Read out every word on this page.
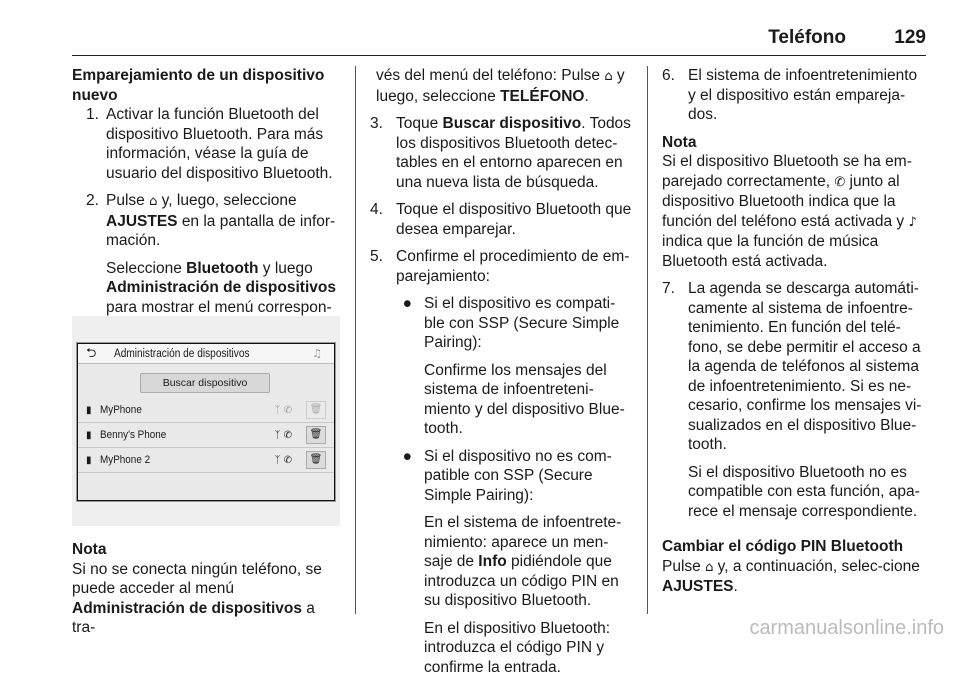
Teléfono	129
Emparejamiento de un dispositivo nuevo
1. Activar la función Bluetooth del dispositivo Bluetooth. Para más información, véase la guía de usuario del dispositivo Bluetooth.
2. Pulse ⌂ y, luego, seleccione AJUSTES en la pantalla de infor-mación.
Seleccione Bluetooth y luego Administración de dispositivos para mostrar el menú correspon-
⮌ Administración de dispositivos	♫
Buscar dispositivo
▮ MyPhone	ᛉ ✆	🗑
▮ Benny's Phone	ᛉ ✆	🗑
▮ MyPhone 2	ᛉ ✆	🗑
Nota
Si no se conecta ningún teléfono, se puede acceder al menú Administración de dispositivos a tra-
vés del menú del teléfono: Pulse ⌂ y luego, seleccione TELÉFONO.
3. Toque Buscar dispositivo. Todos los dispositivos Bluetooth detec-tables en el entorno aparecen en una nueva lista de búsqueda.
4. Toque el dispositivo Bluetooth que desea emparejar.
5. Confirme el procedimiento de em-parejamiento:
● Si el dispositivo es compati-ble con SSP (Secure Simple Pairing):
Confirme los mensajes del sistema de infoentreteni-miento y del dispositivo Blue-tooth.
● Si el dispositivo no es com-patible con SSP (Secure Simple Pairing):
En el sistema de infoentrete-nimiento: aparece un men-saje de Info pidiéndole que introduzca un código PIN en su dispositivo Bluetooth.
En el dispositivo Bluetooth: introduzca el código PIN y confirme la entrada.
6. El sistema de infoentretenimiento y el dispositivo están empareja-dos.
Nota
Si el dispositivo Bluetooth se ha em-parejado correctamente, ✆ junto al dispositivo Bluetooth indica que la función del teléfono está activada y ♪ indica que la función de música Bluetooth está activada.
7. La agenda se descarga automáti-camente al sistema de infoentre-tenimiento. En función del telé-fono, se debe permitir el acceso a la agenda de teléfonos al sistema de infoentretenimiento. Si es ne-cesario, confirme los mensajes vi-sualizados en el dispositivo Blue-tooth.
Si el dispositivo Bluetooth no es compatible con esta función, apa-rece el mensaje correspondiente.
Cambiar el código PIN Bluetooth
Pulse ⌂ y, a continuación, selec-cione AJUSTES.
carmanualsonline.info
